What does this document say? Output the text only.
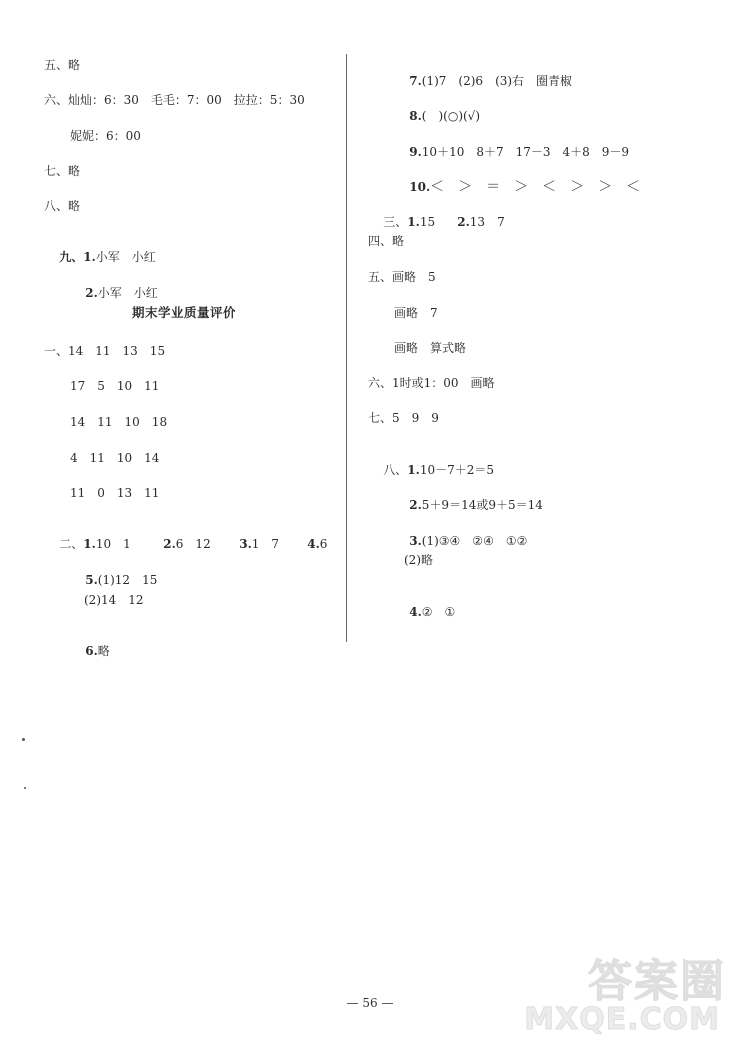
五、略
六、灿灿：6：30　毛毛：7：00　拉拉：5：30
妮妮：6：00
七、略
八、略

九、1.小军　小红

2.小军　小红

期末学业质量评价
一、14　11　13　15
17　5　10　11
14　11　10　18
4　11　10　14
11　0　13　11

二、1.10　1
	2.6　12
	3.1　7
	4.6

5.(1)12　15

(2)14　12

6.略

7.(1)7　(2)6　(3)右　圈青椒

8.(　)(○)(√)

9.10＋10　8＋7　17－3　4＋8　9－9

10.＜　＞　＝　＞　＜　＞　＞　＜

三、1.15
	2.13　7

四、略
五、画略　5
画略　7
画略　算式略
六、1时或1：00　画略
七、5　9　9

八、1.10－7＋2＝5

2.5＋9＝14或9＋5＝14

3.(1)③④　②④　①②

(2)略

4.②　①

— 56 —	答案圈
MXQE.COM
